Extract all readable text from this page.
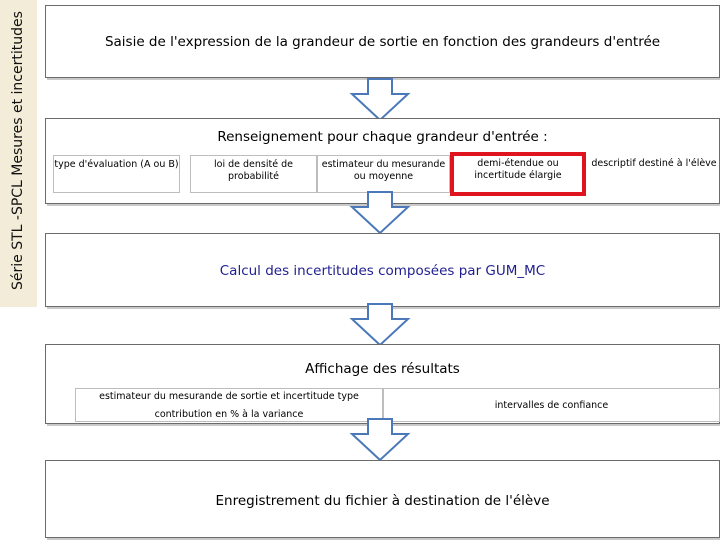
Série STL -SPCL Mesures et incertitudes	Saisie de l'expression de la grandeur de sortie en fonction des grandeurs d'entrée
Renseignement pour chaque grandeur d'entrée :
type d'évaluation (A ou B)	loi de densité de probabilité
estimateur du mesurande ou moyenne
demi-étendue ou incertitude élargie
descriptif destiné à l'élève
Calcul des incertitudes composées par GUM_MC
Affichage des résultats
estimateur du mesurande de sortie et incertitude type
contribution en % à la variance
intervalles de confiance
Enregistrement du fichier à destination de l'élève
